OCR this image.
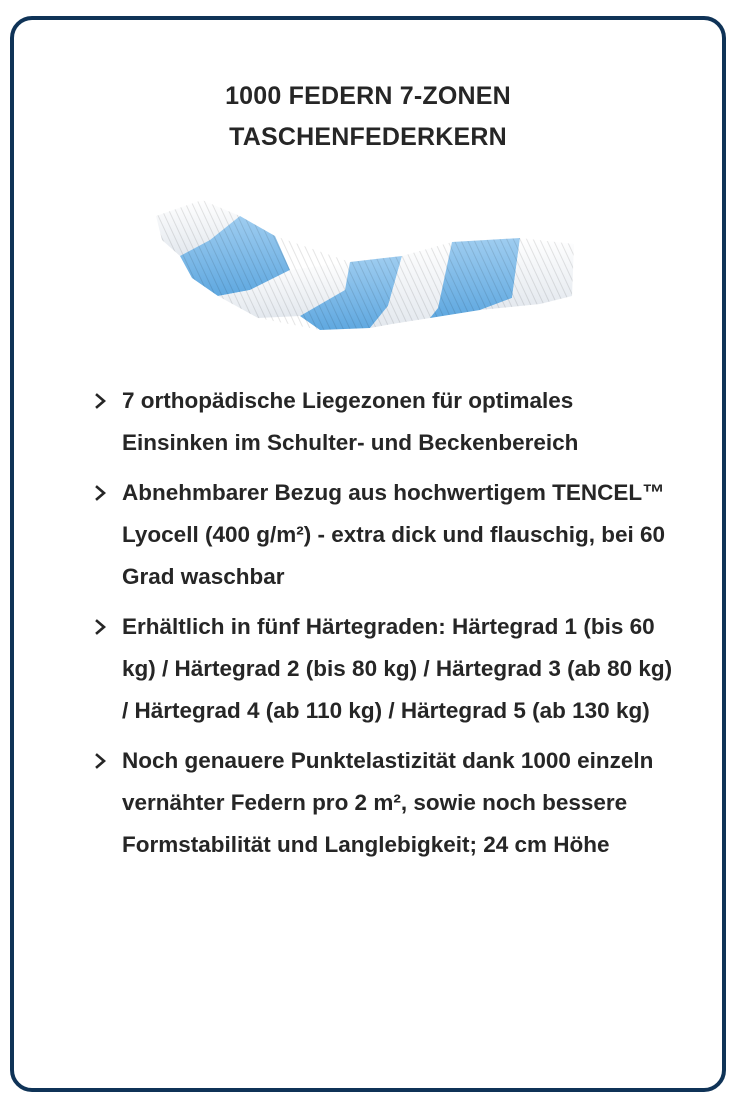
1000 FEDERN 7-ZONEN
TASCHENFEDERKERN
7 orthopädische Liegezonen für optimales Einsinken im Schulter- und Beckenbereich
Abnehmbarer Bezug aus hochwertigem TENCEL™ Lyocell (400 g/m²) - extra dick und flauschig, bei 60 Grad waschbar
Erhältlich in fünf Härtegraden: Härtegrad 1 (bis 60 kg) / Härtegrad 2 (bis 80 kg) / Härtegrad 3 (ab 80 kg) / Härtegrad 4 (ab 110 kg) / Härtegrad 5 (ab 130 kg)
Noch genauere Punktelastizität dank 1000 einzeln vernähter Federn pro 2 m², sowie noch bessere Formstabilität und Langlebigkeit; 24 cm Höhe
